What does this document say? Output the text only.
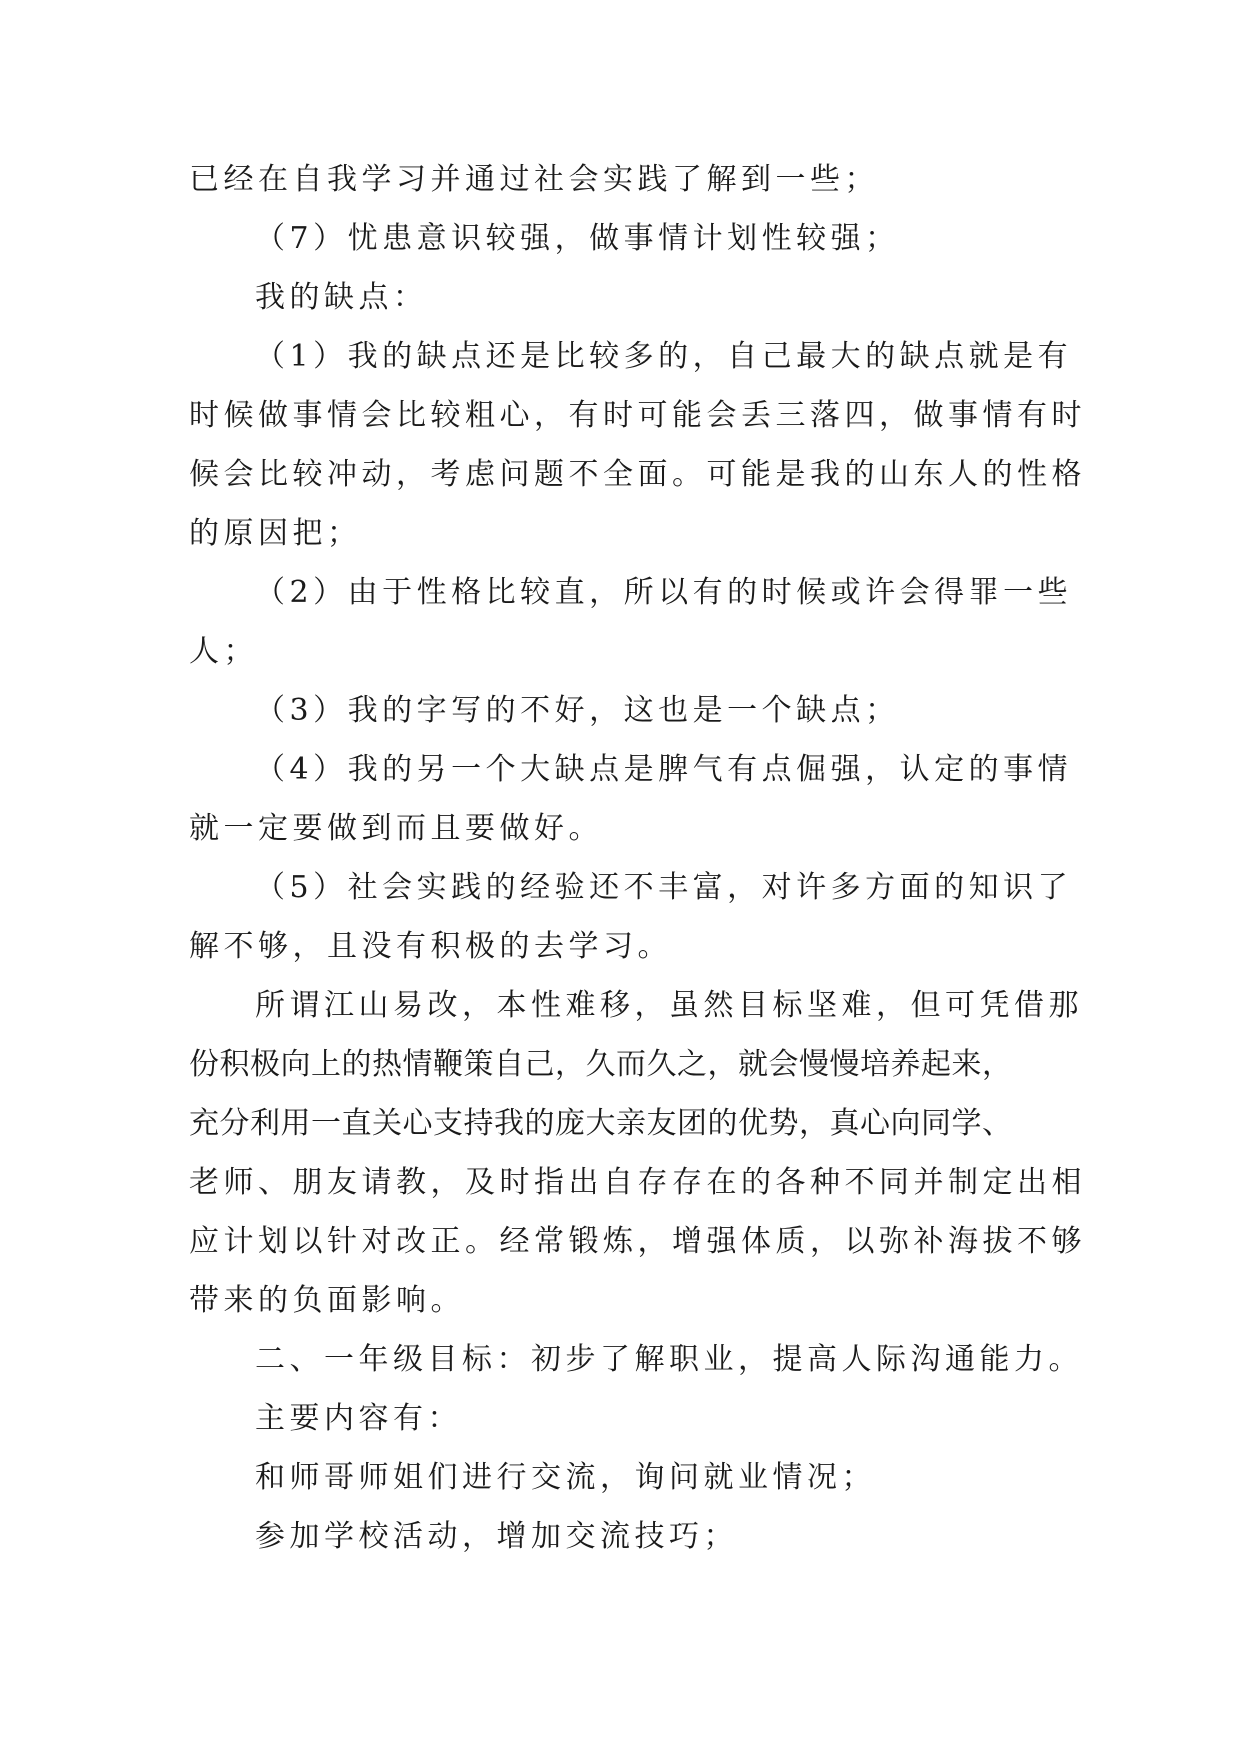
已经在自我学习并通过社会实践了解到一些；
（7）忧患意识较强，做事情计划性较强；
我的缺点：
（1）我的缺点还是比较多的，自己最大的缺点就是有
时候做事情会比较粗心，有时可能会丢三落四，做事情有时
候会比较冲动，考虑问题不全面。可能是我的山东人的性格
的原因把；
（2）由于性格比较直，所以有的时候或许会得罪一些
人；
（3）我的字写的不好，这也是一个缺点；
（4）我的另一个大缺点是脾气有点倔强，认定的事情
就一定要做到而且要做好。
（5）社会实践的经验还不丰富，对许多方面的知识了
解不够，且没有积极的去学习。
所谓江山易改，本性难移，虽然目标坚难，但可凭借那
份积极向上的热情鞭策自己，久而久之，就会慢慢培养起来，
充分利用一直关心支持我的庞大亲友团的优势，真心向同学、
老师、朋友请教，及时指出自存存在的各种不同并制定出相
应计划以针对改正。经常锻炼，增强体质，以弥补海拔不够
带来的负面影响。
二、一年级目标：初步了解职业，提高人际沟通能力。
主要内容有：
和师哥师姐们进行交流，询问就业情况；
参加学校活动，增加交流技巧；
